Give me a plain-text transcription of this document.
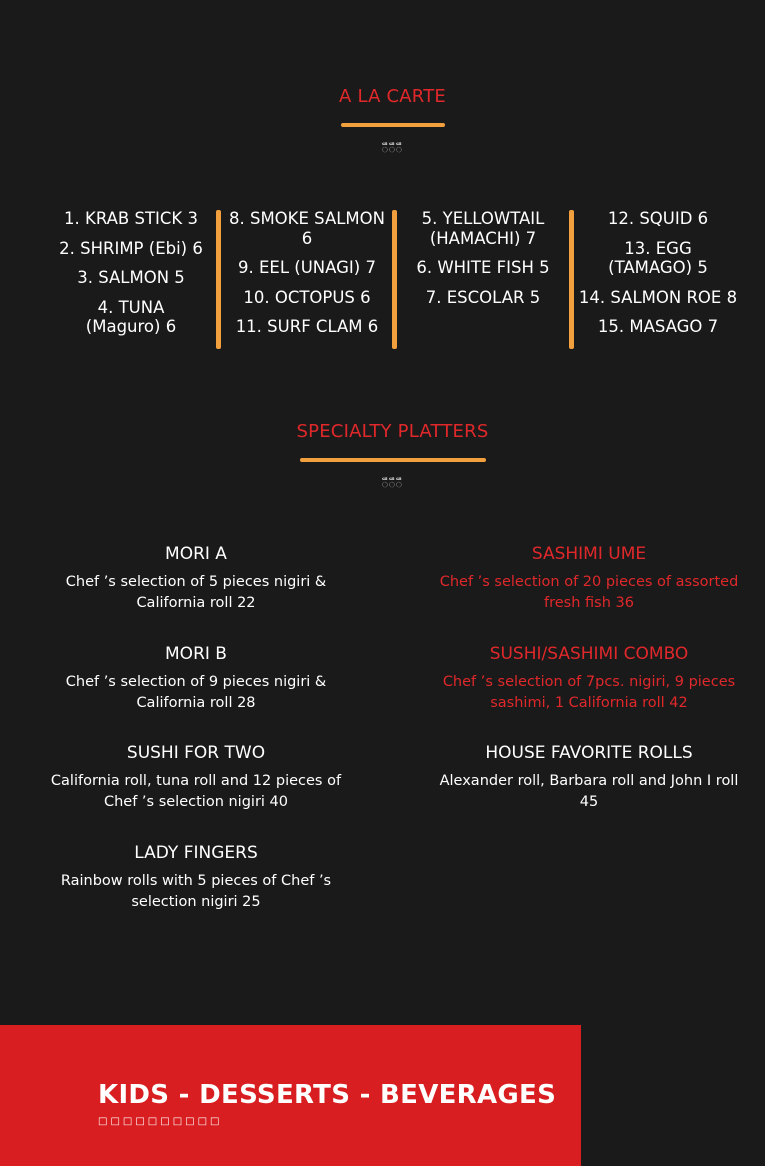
A LA CARTE
ឹឹឹ
1. KRAB STICK 3
2. SHRIMP (Ebi) 6
3. SALMON 5
4. TUNA (Maguro) 6
8. SMOKE SALMON 6
9. EEL (UNAGI) 7
10. OCTOPUS 6
11. SURF CLAM 6
5. YELLOWTAIL (HAMACHI) 7
6. WHITE FISH 5
7. ESCOLAR 5
12. SQUID 6
13. EGG (TAMAGO) 5
14. SALMON ROE 8
15. MASAGO 7
SPECIALTY PLATTERS
ឹឹឹ
MORI A
Chef ’s selection of 5 pieces nigiri & California roll 22
MORI B
Chef ’s selection of 9 pieces nigiri & California roll 28
SUSHI FOR TWO
California roll, tuna roll and 12 pieces of Chef ’s selection nigiri 40
LADY FINGERS
Rainbow rolls with 5 pieces of Chef ’s selection nigiri 25
SASHIMI UME
Chef ’s selection of 20 pieces of assorted fresh fish 36
SUSHI/SASHIMI COMBO
Chef ’s selection of 7pcs. nigiri, 9 pieces sashimi, 1 California roll 42
HOUSE FAVORITE ROLLS
Alexander roll, Barbara roll and John I roll 45
KIDS - DESSERTS - BEVERAGES
□□□□□□□□□□
